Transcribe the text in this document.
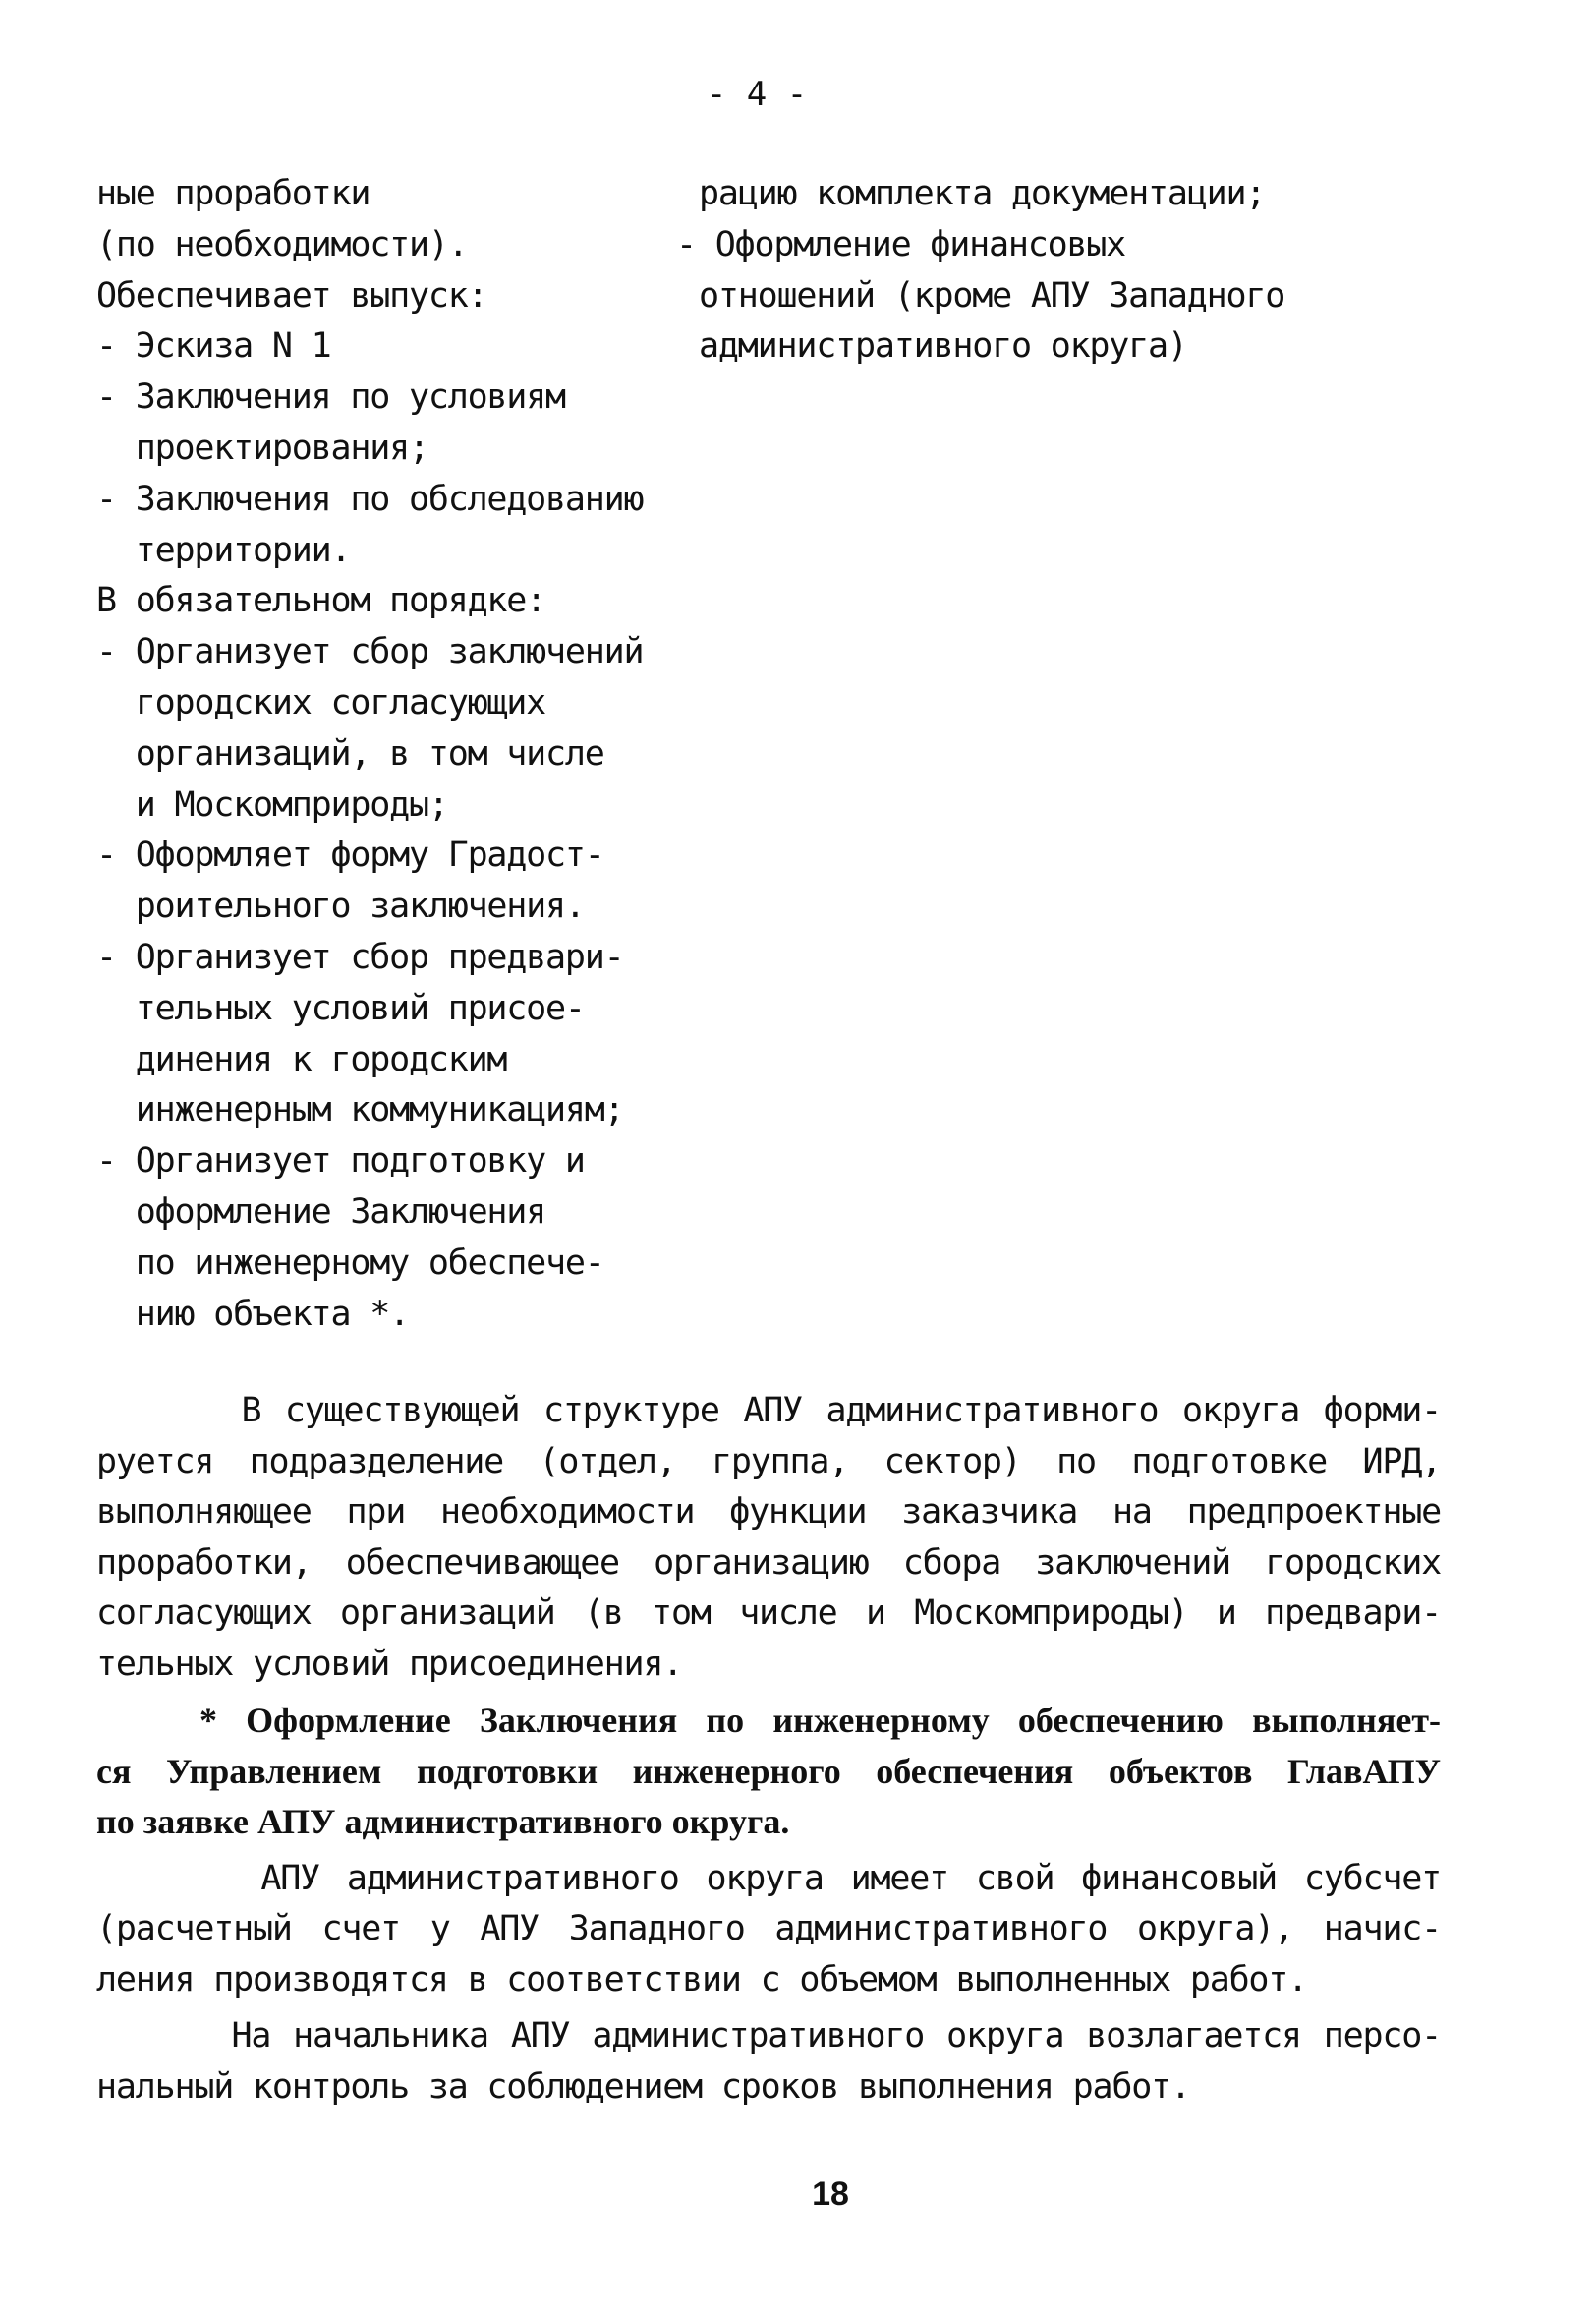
- 4 -
ные проработки
(по необходимости).
Обеспечивает выпуск:
- Эскиза N 1
- Заключения по условиям
проектирования;
- Заключения по обследованию
территории.
В обязательном порядке:
- Организует сбор заключений
городских согласующих
организаций, в том числе
и Москомприроды;
- Оформляет форму Градост-
роительного заключения.
- Организует сбор предвари-
тельных условий присое-
динения к городским
инженерным коммуникациям;
- Организует подготовку и
оформление Заключения
по инженерному обеспече-
нию объекта *.
рацию комплекта документации;
- Оформление финансовых
отношений (кроме АПУ Западного
административного округа)
В существующей структуре АПУ административного округа форми-
руется подразделение (отдел, группа, сектор) по подготовке ИРД,
выполняющее при необходимости функции заказчика на предпроектные
проработки, обеспечивающее организацию сбора заключений городских
согласующих организаций (в том числе и Москомприроды) и предвари-
тельных условий присоединения.
* Оформление Заключения по инженерному обеспечению выполняет-
ся Управлением подготовки инженерного обеспечения объектов ГлавАПУ
по заявке АПУ административного округа.
АПУ административного округа имеет свой финансовый субсчет
(расчетный счет у АПУ Западного административного округа), начис-
ления производятся в соответствии с объемом выполненных работ.
На начальника АПУ административного округа возлагается персо-
нальный контроль за соблюдением сроков выполнения работ.
18
